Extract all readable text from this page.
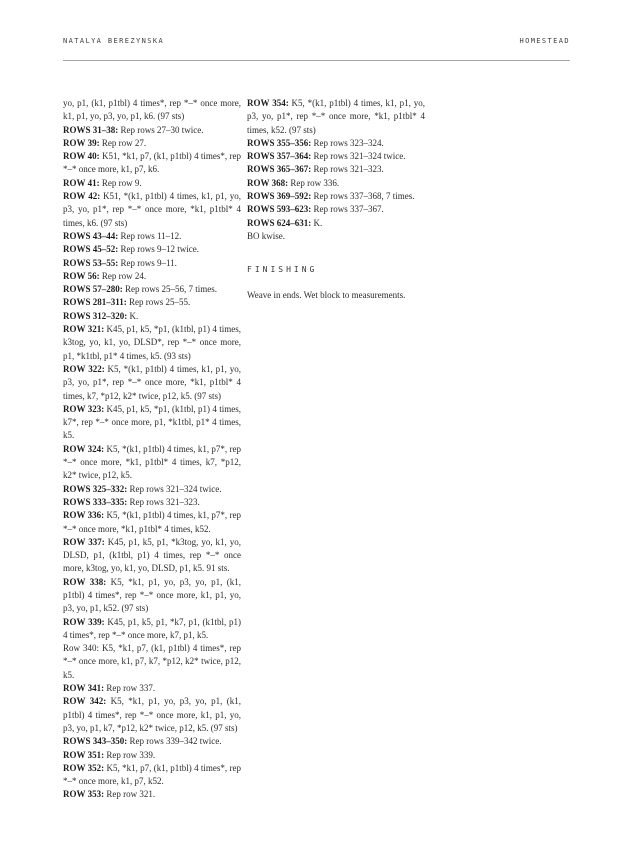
NATALYA BEREZYNSKA	HOMESTEAD

yo, p1, (k1, p1tbl) 4 times*, rep *–* once more, k1, p1, yo, p3, yo, p1, k6. (97 sts)

ROWS 31–38: Rep rows 27–30 twice.

ROW 39: Rep row 27.

ROW 40: K51, *k1, p7, (k1, p1tbl) 4 times*, rep *–* once more, k1, p7, k6.

ROW 41: Rep row 9.

ROW 42: K51, *(k1, p1tbl) 4 times, k1, p1, yo, p3, yo, p1*, rep *–* once more, *k1, p1tbl* 4 times, k6. (97 sts)

ROWS 43–44: Rep rows 11–12.

ROWS 45–52: Rep rows 9–12 twice.

ROWS 53–55: Rep rows 9–11.

ROW 56: Rep row 24.

ROWS 57–280: Rep rows 25–56, 7 times.

ROWS 281–311: Rep rows 25–55.

ROWS 312–320: K.

ROW 321: K45, p1, k5, *p1, (k1tbl, p1) 4 times, k3tog, yo, k1, yo, DLSD*, rep *–* once more, p1, *k1tbl, p1* 4 times, k5. (93 sts)

ROW 322: K5, *(k1, p1tbl) 4 times, k1, p1, yo, p3, yo, p1*, rep *–* once more, *k1, p1tbl* 4 times, k7, *p12, k2* twice, p12, k5. (97 sts)

ROW 323: K45, p1, k5, *p1, (k1tbl, p1) 4 times, k7*, rep *–* once more, p1, *k1tbl, p1* 4 times, k5.

ROW 324: K5, *(k1, p1tbl) 4 times, k1, p7*, rep *–* once more, *k1, p1tbl* 4 times, k7, *p12, k2* twice, p12, k5.

ROWS 325–332: Rep rows 321–324 twice.

ROWS 333–335: Rep rows 321–323.

ROW 336: K5, *(k1, p1tbl) 4 times, k1, p7*, rep *–* once more, *k1, p1tbl* 4 times, k52.

ROW 337: K45, p1, k5, p1, *k3tog, yo, k1, yo, DLSD, p1, (k1tbl, p1) 4 times, rep *–* once more, k3tog, yo, k1, yo, DLSD, p1, k5. 91 sts.

ROW 338: K5, *k1, p1, yo, p3, yo, p1, (k1, p1tbl) 4 times*, rep *–* once more, k1, p1, yo, p3, yo, p1, k52. (97 sts)

ROW 339: K45, p1, k5, p1, *k7, p1, (k1tbl, p1) 4 times*, rep *–* once more, k7, p1, k5.

Row 340: K5, *k1, p7, (k1, p1tbl) 4 times*, rep *–* once more, k1, p7, k7, *p12, k2* twice, p12, k5.

ROW 341: Rep row 337.

ROW 342: K5, *k1, p1, yo, p3, yo, p1, (k1, p1tbl) 4 times*, rep *–* once more, k1, p1, yo, p3, yo, p1, k7, *p12, k2* twice, p12, k5. (97 sts)

ROWS 343–350: Rep rows 339–342 twice.

ROW 351: Rep row 339.

ROW 352: K5, *k1, p7, (k1, p1tbl) 4 times*, rep *–* once more, k1, p7, k52.

ROW 353: Rep row 321.

ROW 354: K5, *(k1, p1tbl) 4 times, k1, p1, yo, p3, yo, p1*, rep *–* once more, *k1, p1tbl* 4 times, k52. (97 sts)

ROWS 355–356: Rep rows 323–324.

ROWS 357–364: Rep rows 321–324 twice.

ROWS 365–367: Rep rows 321–323.

ROW 368: Rep row 336.

ROWS 369–592: Rep rows 337–368, 7 times.

ROWS 593–623: Rep rows 337–367.

ROWS 624–631: K.

BO kwise.

FINISHING

Weave in ends. Wet block to measurements.
